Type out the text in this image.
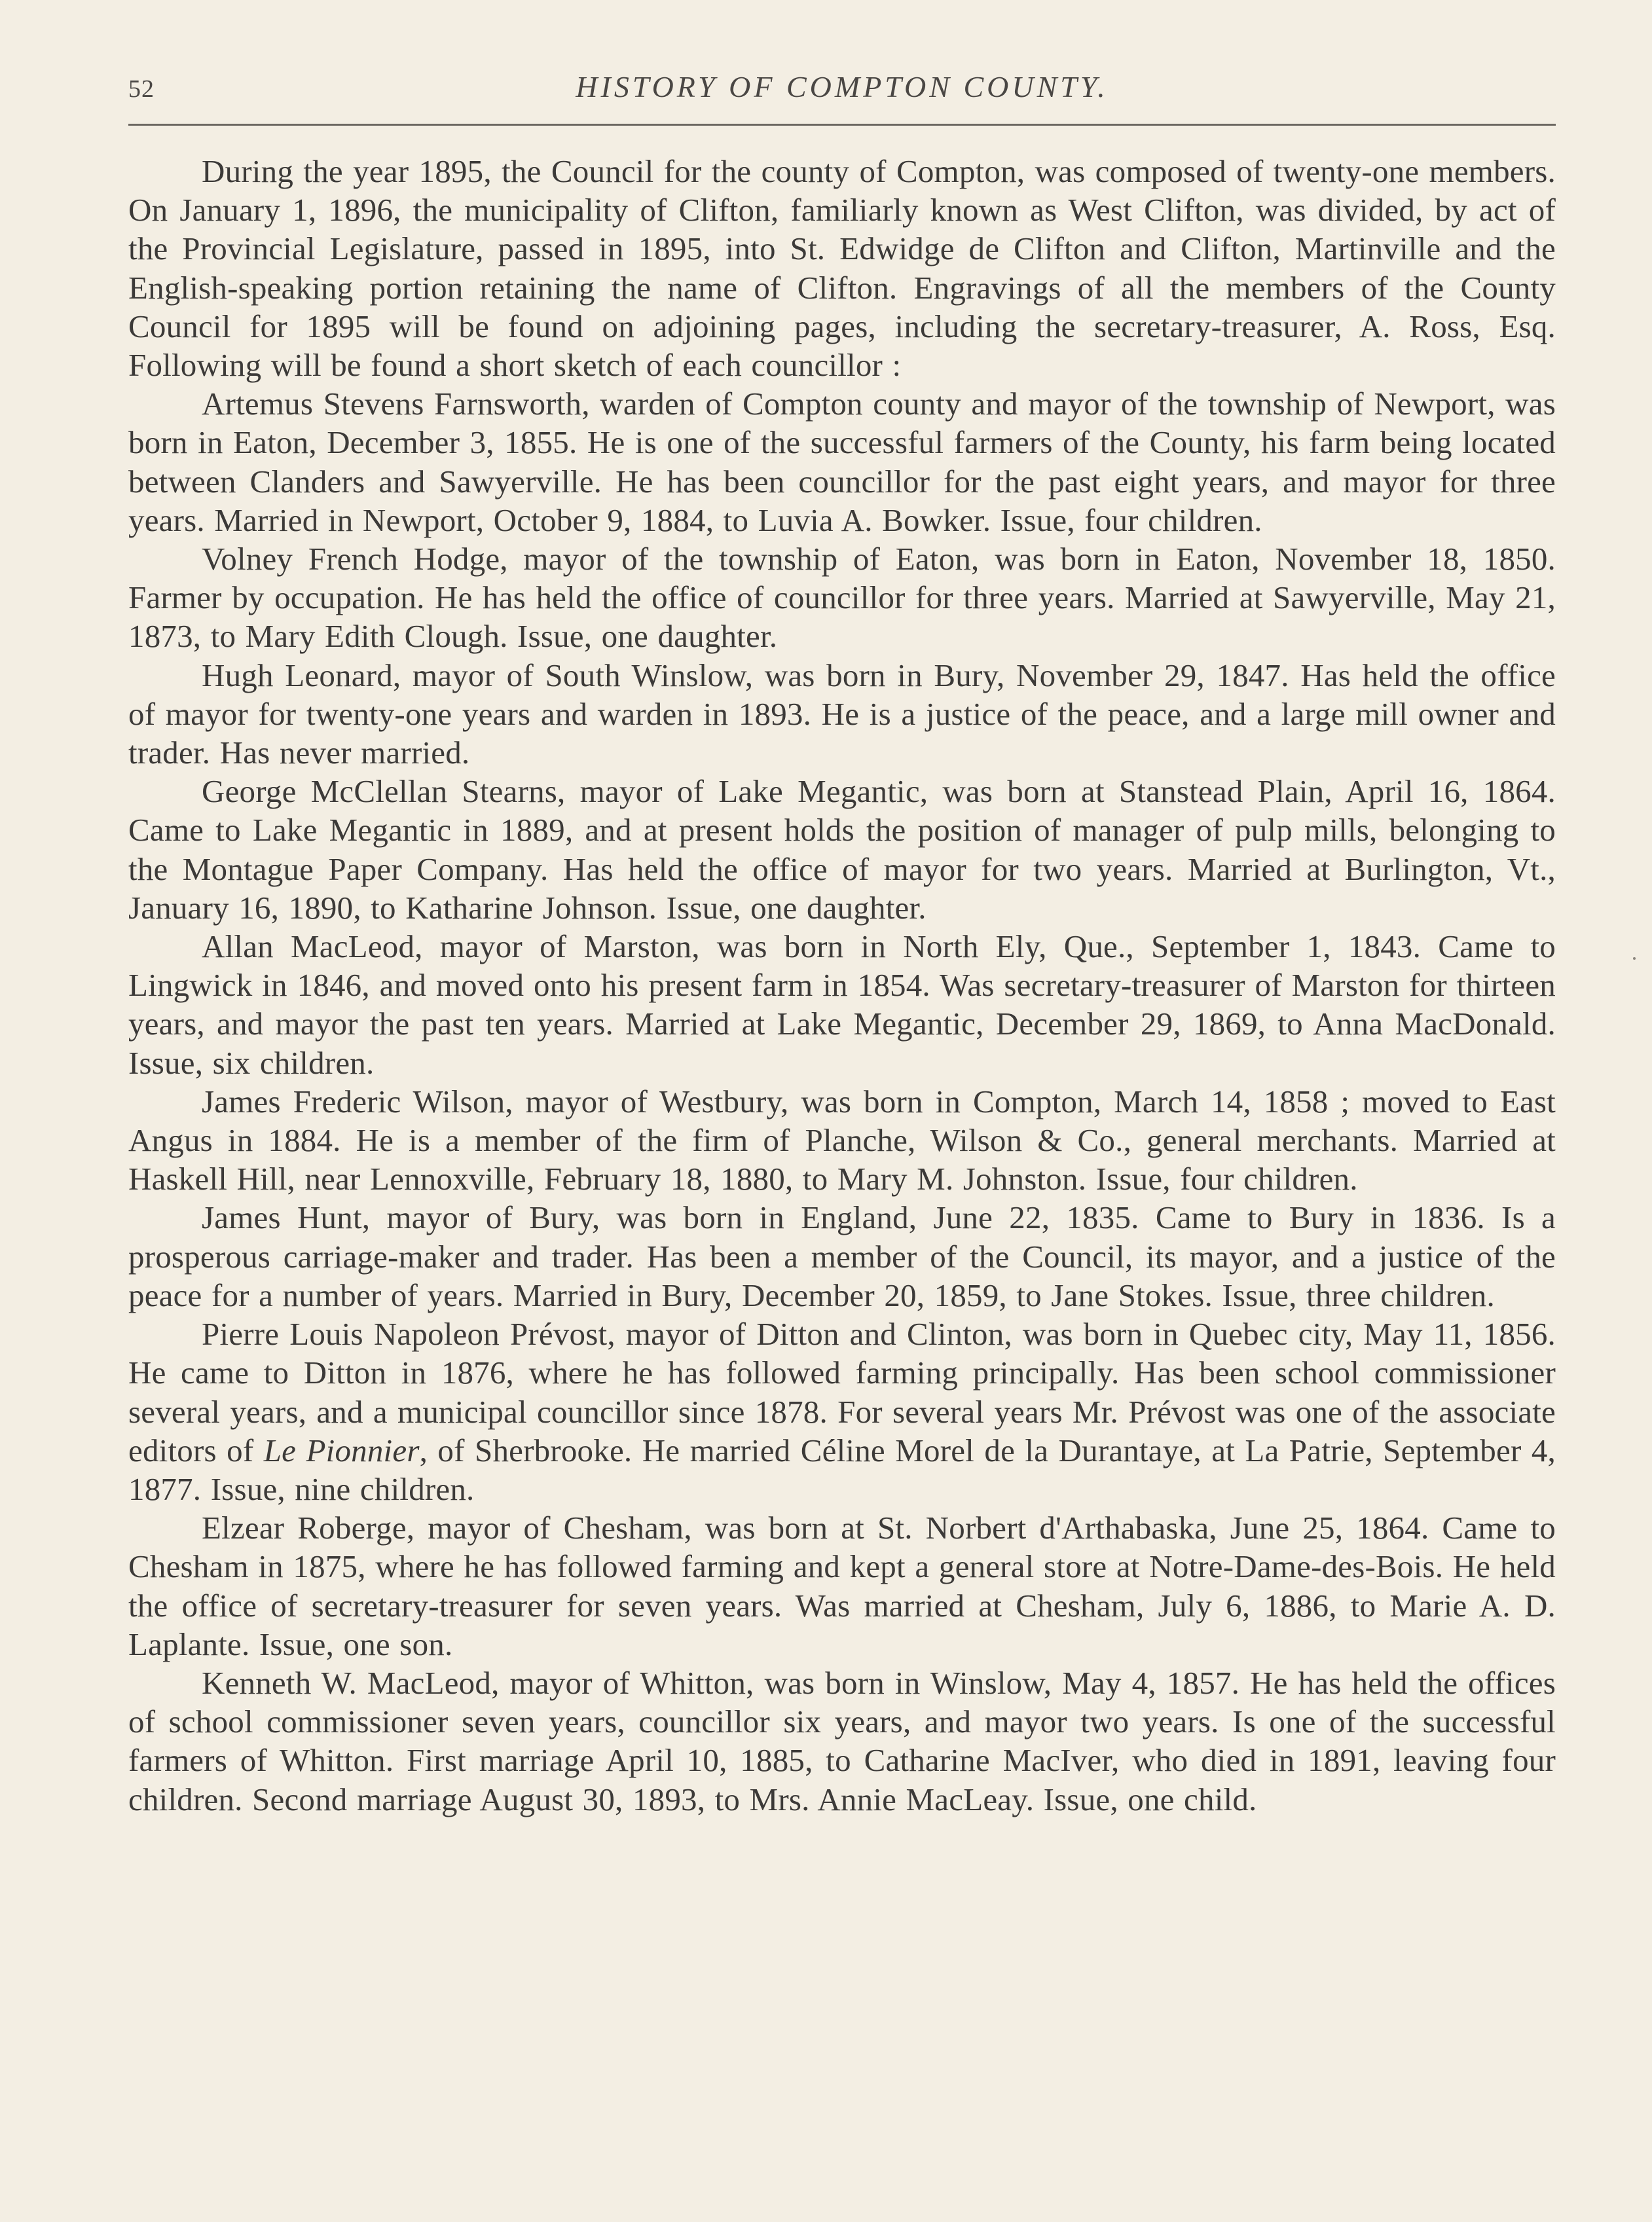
52	HISTORY OF COMPTON COUNTY.

During the year 1895, the Council for the county of Compton, was composed of twenty-one members. On January 1, 1896, the municipality of Clifton, familiarly known as West Clifton, was divided, by act of the Provincial Legislature, passed in 1895, into St. Edwidge de Clifton and Clifton, Martinville and the English-speaking portion retaining the name of Clifton. Engravings of all the members of the County Council for 1895 will be found on adjoining pages, including the secretary-treasurer, A. Ross, Esq. Following will be found a short sketch of each councillor :

Artemus Stevens Farnsworth, warden of Compton county and mayor of the township of Newport, was born in Eaton, December 3, 1855. He is one of the successful farmers of the County, his farm being located between Clanders and Sawyerville. He has been councillor for the past eight years, and mayor for three years. Married in Newport, October 9, 1884, to Luvia A. Bowker. Issue, four children.

Volney French Hodge, mayor of the township of Eaton, was born in Eaton, November 18, 1850. Farmer by occupation. He has held the office of councillor for three years. Married at Sawyerville, May 21, 1873, to Mary Edith Clough. Issue, one daughter.

Hugh Leonard, mayor of South Winslow, was born in Bury, November 29, 1847. Has held the office of mayor for twenty-one years and warden in 1893. He is a justice of the peace, and a large mill owner and trader. Has never married.

George McClellan Stearns, mayor of Lake Megantic, was born at Stanstead Plain, April 16, 1864. Came to Lake Megantic in 1889, and at present holds the position of manager of pulp mills, belonging to the Montague Paper Company. Has held the office of mayor for two years. Married at Burlington, Vt., January 16, 1890, to Katharine Johnson. Issue, one daughter.

Allan MacLeod, mayor of Marston, was born in North Ely, Que., September 1, 1843. Came to Lingwick in 1846, and moved onto his present farm in 1854. Was secretary-treasurer of Marston for thirteen years, and mayor the past ten years. Married at Lake Megantic, December 29, 1869, to Anna MacDonald. Issue, six children.

James Frederic Wilson, mayor of Westbury, was born in Compton, March 14, 1858 ; moved to East Angus in 1884. He is a member of the firm of Planche, Wilson & Co., general merchants. Married at Haskell Hill, near Lennoxville, February 18, 1880, to Mary M. Johnston. Issue, four children.

James Hunt, mayor of Bury, was born in England, June 22, 1835. Came to Bury in 1836. Is a prosperous carriage-maker and trader. Has been a member of the Council, its mayor, and a justice of the peace for a number of years. Married in Bury, December 20, 1859, to Jane Stokes. Issue, three children.

Pierre Louis Napoleon Prévost, mayor of Ditton and Clinton, was born in Quebec city, May 11, 1856. He came to Ditton in 1876, where he has followed farming principally. Has been school commissioner several years, and a municipal councillor since 1878. For several years Mr. Prévost was one of the associate editors of Le Pionnier, of Sherbrooke. He married Céline Morel de la Durantaye, at La Patrie, September 4, 1877. Issue, nine children.

Elzear Roberge, mayor of Chesham, was born at St. Norbert d'Arthabaska, June 25, 1864. Came to Chesham in 1875, where he has followed farming and kept a general store at Notre-Dame-des-Bois. He held the office of secretary-treasurer for seven years. Was married at Chesham, July 6, 1886, to Marie A. D. Laplante. Issue, one son.

Kenneth W. MacLeod, mayor of Whitton, was born in Winslow, May 4, 1857. He has held the offices of school commissioner seven years, councillor six years, and mayor two years. Is one of the successful farmers of Whitton. First marriage April 10, 1885, to Catharine MacIver, who died in 1891, leaving four children. Second marriage August 30, 1893, to Mrs. Annie MacLeay. Issue, one child.
